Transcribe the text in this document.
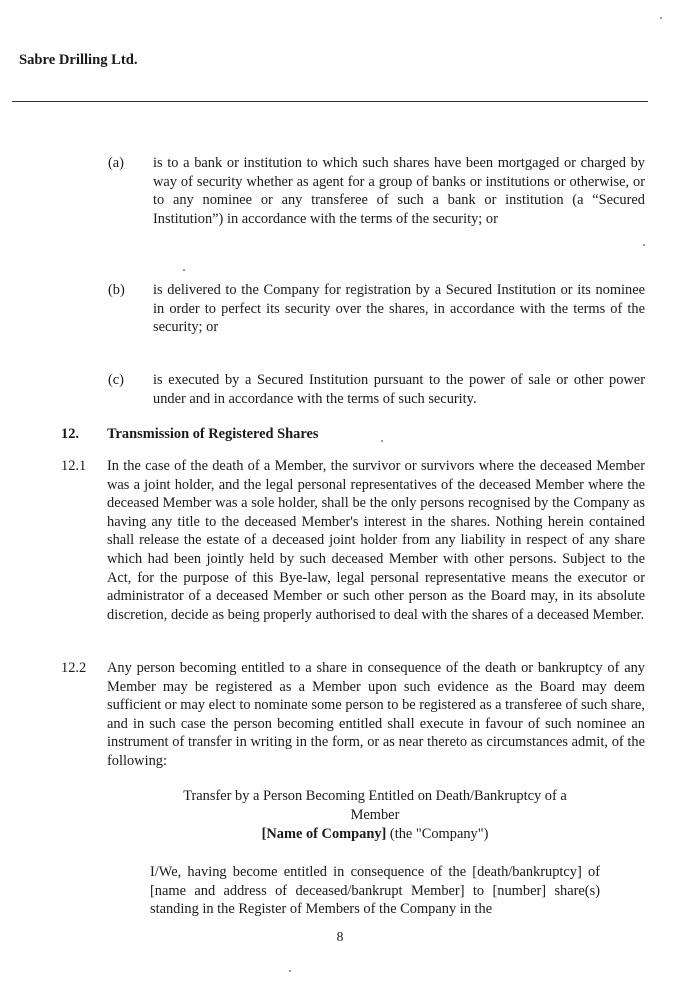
Sabre Drilling Ltd.
(a) is to a bank or institution to which such shares have been mortgaged or charged by way of security whether as agent for a group of banks or institutions or otherwise, or to any nominee or any transferee of such a bank or institution (a “Secured Institution”) in accordance with the terms of the security; or
(b) is delivered to the Company for registration by a Secured Institution or its nominee in order to perfect its security over the shares, in accordance with the terms of the security; or
(c) is executed by a Secured Institution pursuant to the power of sale or other power under and in accordance with the terms of such security.
12. Transmission of Registered Shares
12.1 In the case of the death of a Member, the survivor or survivors where the deceased Member was a joint holder, and the legal personal representatives of the deceased Member where the deceased Member was a sole holder, shall be the only persons recognised by the Company as having any title to the deceased Member's interest in the shares. Nothing herein contained shall release the estate of a deceased joint holder from any liability in respect of any share which had been jointly held by such deceased Member with other persons. Subject to the Act, for the purpose of this Bye-law, legal personal representative means the executor or administrator of a deceased Member or such other person as the Board may, in its absolute discretion, decide as being properly authorised to deal with the shares of a deceased Member.
12.2 Any person becoming entitled to a share in consequence of the death or bankruptcy of any Member may be registered as a Member upon such evidence as the Board may deem sufficient or may elect to nominate some person to be registered as a transferee of such share, and in such case the person becoming entitled shall execute in favour of such nominee an instrument of transfer in writing in the form, or as near thereto as circumstances admit, of the following:
Transfer by a Person Becoming Entitled on Death/Bankruptcy of a
Member
[Name of Company] (the "Company")
I/We, having become entitled in consequence of the [death/bankruptcy] of [name and address of deceased/bankrupt Member] to [number] share(s) standing in the Register of Members of the Company in the
8
